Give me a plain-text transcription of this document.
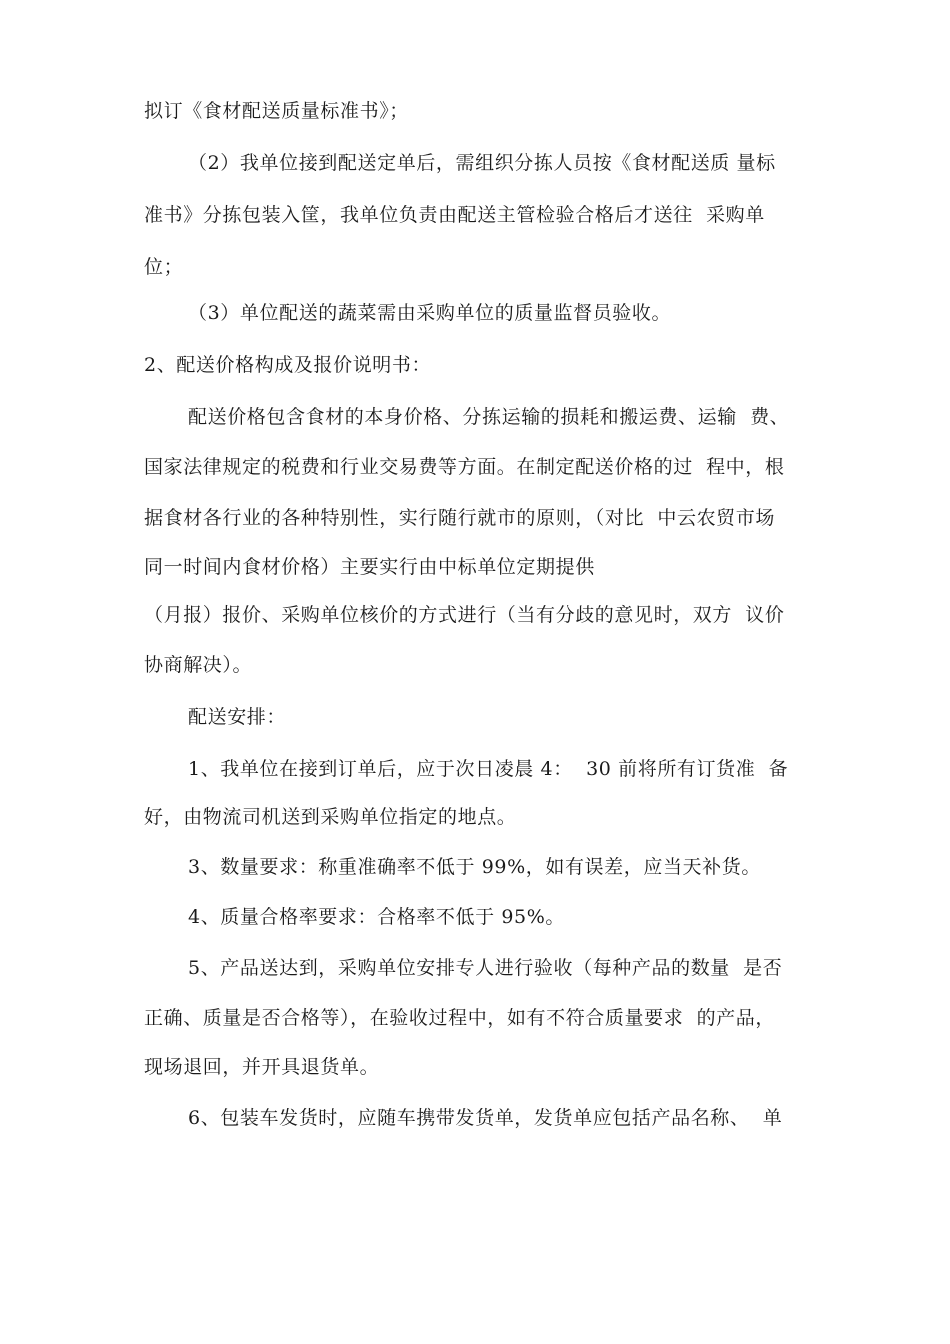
拟订《食材配送质量标准书》；
（2）我单位接到配送定单后，需组织分拣人员按《食材配送质 量标
准书》分拣包装入筐，我单位负责由配送主管检验合格后才送往  采购单
位；
（3）单位配送的蔬菜需由采购单位的质量监督员验收。
2、配送价格构成及报价说明书：
配送价格包含食材的本身价格、分拣运输的损耗和搬运费、运输  费、
国家法律规定的税费和行业交易费等方面。在制定配送价格的过  程中，根
据食材各行业的各种特别性，实行随行就市的原则，（对比  中云农贸市场
同一时间内食材价格）主要实行由中标单位定期提供
（月报）报价、采购单位核价的方式进行（当有分歧的意见时，双方  议价
协商解决）。
配送安排：
1、我单位在接到订单后，应于次日凌晨 4：  30 前将所有订货准  备
好，由物流司机送到采购单位指定的地点。
3、数量要求：称重准确率不低于 99%，如有误差，应当天补货。
4、质量合格率要求：合格率不低于 95%。
5、产品送达到，采购单位安排专人进行验收（每种产品的数量  是否
正确、质量是否合格等），在验收过程中，如有不符合质量要求  的产品，
现场退回，并开具退货单。
6、包装车发货时，应随车携带发货单，发货单应包括产品名称、  单
